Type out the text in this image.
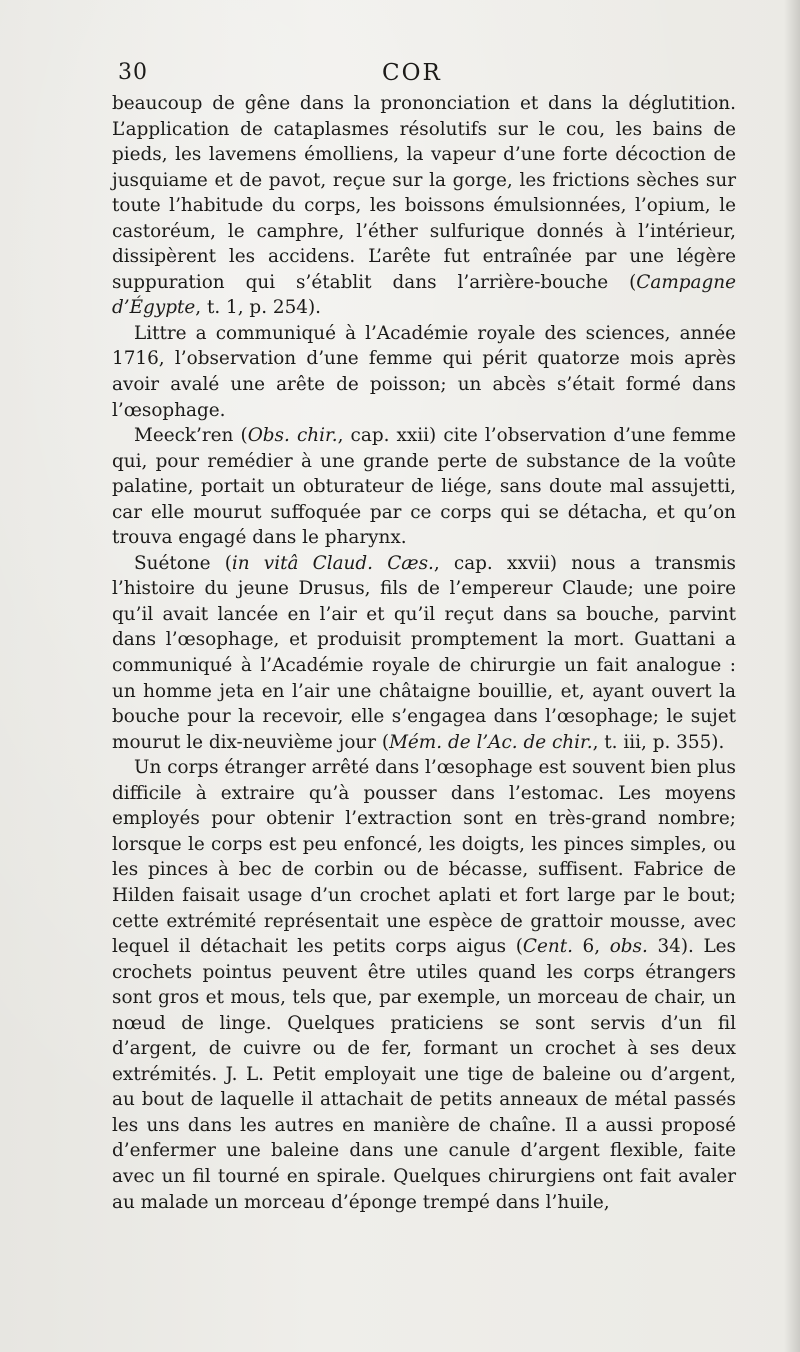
30	COR

beaucoup de gêne dans la prononciation et dans la déglutition. L’application de cataplasmes résolutifs sur le cou, les bains de pieds, les lavemens émolliens, la vapeur d’une forte décoction de jusquiame et de pavot, reçue sur la gorge, les frictions sèches sur toute l’habitude du corps, les boissons émulsionnées, l’opium, le castoréum, le camphre, l’éther sulfurique donnés à l’intérieur, dissipèrent les accidens. L’arête fut entraînée par une légère suppuration qui s’établit dans l’arrière-bouche (Campagne d’Égypte, t. 1, p. 254).

Littre a communiqué à l’Académie royale des sciences, année 1716, l’observation d’une femme qui périt quatorze mois après avoir avalé une arête de poisson; un abcès s’était formé dans l’œsophage.

Meeck’ren (Obs. chir., cap. xxii) cite l’observation d’une femme qui, pour remédier à une grande perte de substance de la voûte palatine, portait un obturateur de liége, sans doute mal assujetti, car elle mourut suffoquée par ce corps qui se détacha, et qu’on trouva engagé dans le pharynx.

Suétone (in vitâ Claud. Cæs., cap. xxvii) nous a transmis l’histoire du jeune Drusus, fils de l’empereur Claude; une poire qu’il avait lancée en l’air et qu’il reçut dans sa bouche, parvint dans l’œsophage, et produisit promptement la mort. Guattani a communiqué à l’Académie royale de chirurgie un fait analogue : un homme jeta en l’air une châtaigne bouillie, et, ayant ouvert la bouche pour la recevoir, elle s’engagea dans l’œsophage; le sujet mourut le dix-neuvième jour (Mém. de l’Ac. de chir., t. iii, p. 355).

Un corps étranger arrêté dans l’œsophage est souvent bien plus difficile à extraire qu’à pousser dans l’estomac. Les moyens employés pour obtenir l’extraction sont en très-grand nombre; lorsque le corps est peu enfoncé, les doigts, les pinces simples, ou les pinces à bec de corbin ou de bécasse, suffisent. Fabrice de Hilden faisait usage d’un crochet aplati et fort large par le bout; cette extrémité représentait une espèce de grattoir mousse, avec lequel il détachait les petits corps aigus (Cent. 6, obs. 34). Les crochets pointus peuvent être utiles quand les corps étrangers sont gros et mous, tels que, par exemple, un morceau de chair, un nœud de linge. Quelques praticiens se sont servis d’un fil d’argent, de cuivre ou de fer, formant un crochet à ses deux extrémités. J. L. Petit employait une tige de baleine ou d’argent, au bout de laquelle il attachait de petits anneaux de métal passés les uns dans les autres en manière de chaîne. Il a aussi proposé d’enfermer une baleine dans une canule d’argent flexible, faite avec un fil tourné en spirale. Quelques chirurgiens ont fait avaler au malade un morceau d’éponge trempé dans l’huile,
